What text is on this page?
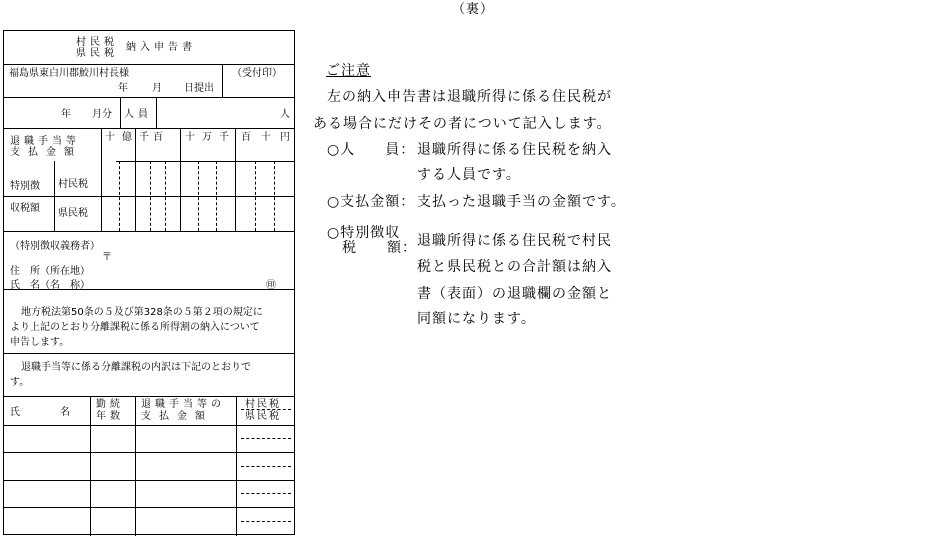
（裏）
村民税
県民税
納入申告書
福島県東白川郡鮫川村長様
年 月 日提出
（受付印）
年 月分 人員	人
退職手当等
支払金額
十 億 千 百 十 万 千 百 十 円
特別徴
収税額
村民税
県民税
（特別徴収義務者）
〒
住　所（所在地）
氏　名（名　称）	㊞
地方税法第50条の５及び第328条の５第２項の規定に
より上記のとおり分離課税に係る所得割の納入について
申告します。
退職手当等に係る分離課税の内訳は下記のとおりで
す。
氏　　　　名
勤続
年数
退職手当等の
支払金額
村民税
県民税
ご注意
左の納入申告書は退職所得に係る住民税が
ある場合にだけその者について記入します。
○人　　員： 退職所得に係る住民税を納入
する人員です。
○支払金額： 支払った退職手当の金額です。
○特別徴収
税　　額： 退職所得に係る住民税で村民
税と県民税との合計額は納入
書（表面）の退職欄の金額と
同額になります。
